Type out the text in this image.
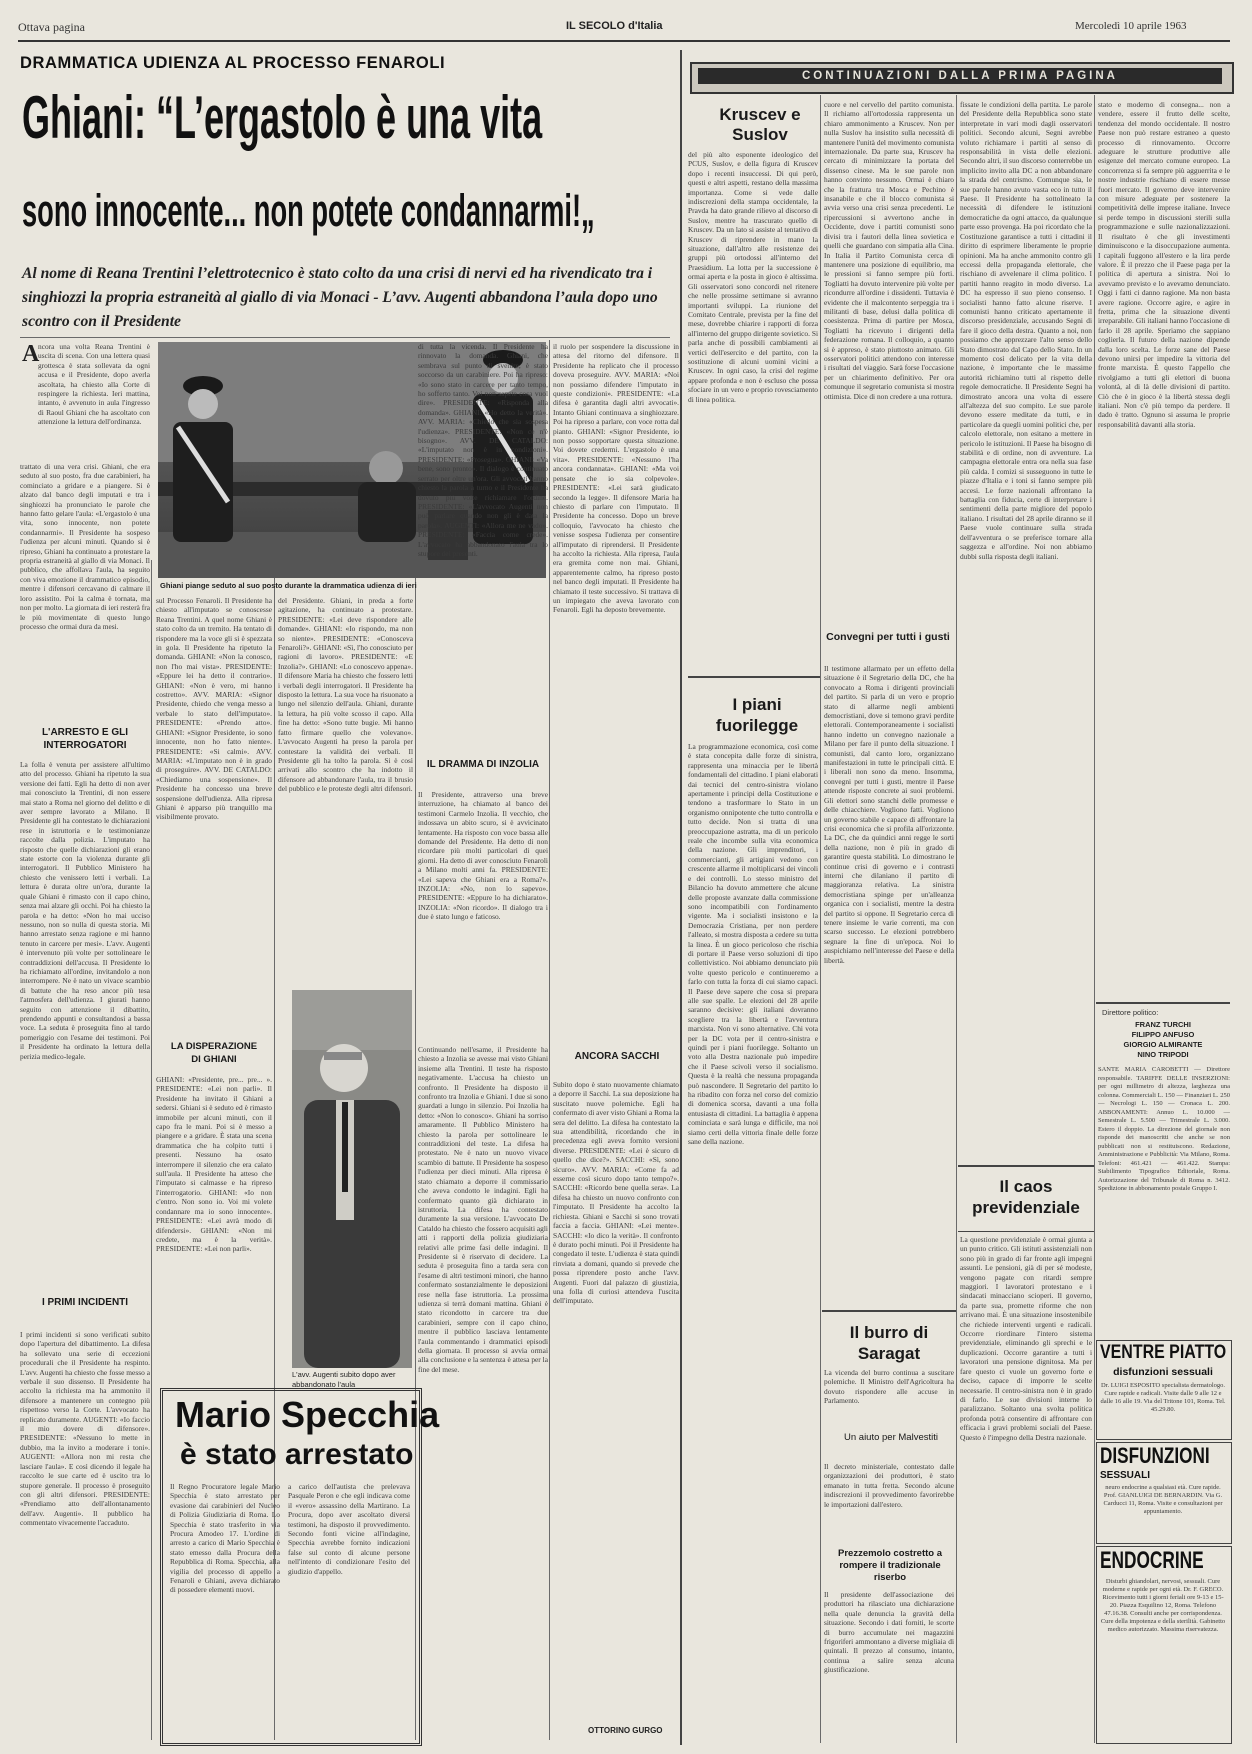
Ottava pagina	IL SECOLO d'Italia	Mercoledì 10 aprile 1963
DRAMMATICA UDIENZA AL PROCESSO FENAROLI
Ghiani: “L’ergastolo è una vita
sono innocente... non potete condannarmi!„
Al nome di Reana Trentini l’elettrotecnico è stato colto da una crisi di nervi ed ha rivendicato tra i singhiozzi la propria estraneità al giallo di via Monaci - L’avv. Augenti abbandona l’aula dopo uno scontro con il Presidente
A
Ghiani piange seduto al suo posto durante la drammatica udienza di ieri
ncora una volta Reana Trentini è uscita di scena. Con una lettera quasi grottesca è stata sollevata da ogni accusa e il Presidente, dopo averla ascoltata, ha chiesto alla Corte di respingere la richiesta. Ieri mattina, intanto, è avvenuto in aula l'ingresso di Raoul Ghiani che ha ascoltato con attenzione la lettura dell'ordinanza.
trattato di una vera crisi. Ghiani, che era seduto al suo posto, fra due carabinieri, ha cominciato a gridare e a piangere. Si è alzato dal banco degli imputati e tra i singhiozzi ha pronunciato le parole che hanno fatto gelare l'aula: «L'ergastolo è una vita, sono innocente, non potete condannarmi». Il Presidente ha sospeso l'udienza per alcuni minuti. Quando si è ripreso, Ghiani ha continuato a protestare la propria estraneità al giallo di via Monaci. Il pubblico, che affollava l'aula, ha seguito con viva emozione il drammatico episodio, mentre i difensori cercavano di calmare il loro assistito. Poi la calma è tornata, ma non per molto. La giornata di ieri resterà fra le più movimentate di questo lungo processo che ormai dura da mesi.
L'ARRESTO E GLI INTERROGATORI
La folla è venuta per assistere all'ultimo atto del processo. Ghiani ha ripetuto la sua versione dei fatti. Egli ha detto di non aver mai conosciuto la Trentini, di non essere mai stato a Roma nel giorno del delitto e di aver sempre lavorato a Milano. Il Presidente gli ha contestato le dichiarazioni rese in istruttoria e le testimonianze raccolte dalla polizia. L'imputato ha risposto che quelle dichiarazioni gli erano state estorte con la violenza durante gli interrogatori. Il Pubblico Ministero ha chiesto che venissero letti i verbali. La lettura è durata oltre un'ora, durante la quale Ghiani è rimasto con il capo chino, senza mai alzare gli occhi. Poi ha chiesto la parola e ha detto: «Non ho mai ucciso nessuno, non so nulla di questa storia. Mi hanno arrestato senza ragione e mi hanno tenuto in carcere per mesi». L'avv. Augenti è intervenuto più volte per sottolineare le contraddizioni dell'accusa. Il Presidente lo ha richiamato all'ordine, invitandolo a non interrompere. Ne è nato un vivace scambio di battute che ha reso ancor più tesa l'atmosfera dell'udienza. I giurati hanno seguito con attenzione il dibattito, prendendo appunti e consultandosi a bassa voce. La seduta è proseguita fino al tardo pomeriggio con l'esame dei testimoni. Poi il Presidente ha ordinato la lettura della perizia medico-legale.
I PRIMI INCIDENTI
I primi incidenti si sono verificati subito dopo l'apertura del dibattimento. La difesa ha sollevato una serie di eccezioni procedurali che il Presidente ha respinto. L'avv. Augenti ha chiesto che fosse messo a verbale il suo dissenso. Il Presidente ha accolto la richiesta ma ha ammonito il difensore a mantenere un contegno più rispettoso verso la Corte. L'avvocato ha replicato duramente. AUGENTI: «Io faccio il mio dovere di difensore». PRESIDENTE: «Nessuno lo mette in dubbio, ma la invito a moderare i toni». AUGENTI: «Allora non mi resta che lasciare l'aula». E così dicendo il legale ha raccolto le sue carte ed è uscito tra lo stupore generale. Il processo è proseguito con gli altri difensori. PRESIDENTE: «Prendiamo atto dell'allontanamento dell'avv. Augenti». Il pubblico ha commentato vivacemente l'accaduto.
sul Processo Fenaroli. Il Presidente ha chiesto all'imputato se conoscesse Reana Trentini. A quel nome Ghiani è stato colto da un tremito. Ha tentato di rispondere ma la voce gli si è spezzata in gola. Il Presidente ha ripetuto la domanda. GHIANI: «Non la conosco, non l'ho mai vista». PRESIDENTE: «Eppure lei ha detto il contrario». GHIANI: «Non è vero, mi hanno costretto». AVV. MARIA: «Signor Presidente, chiedo che venga messo a verbale lo stato dell'imputato». PRESIDENTE: «Prendo atto». GHIANI: «Signor Presidente, io sono innocente, non ho fatto niente». PRESIDENTE: «Si calmi». AVV. MARIA: «L'imputato non è in grado di proseguire». AVV. DE CATALDO: «Chiediamo una sospensione». Il Presidente ha concesso una breve sospensione dell'udienza. Alla ripresa Ghiani è apparso più tranquillo ma visibilmente provato.
LA DISPERAZIONE DI GHIANI
GHIANI: «Presidente, pre... pre... ». PRESIDENTE: «Lei non parli». Il Presidente ha invitato il Ghiani a sedersi. Ghiani si è seduto ed è rimasto immobile per alcuni minuti, con il capo fra le mani. Poi si è messo a piangere e a gridare. È stata una scena drammatica che ha colpito tutti i presenti. Nessuno ha osato interrompere il silenzio che era calato sull'aula. Il Presidente ha atteso che l'imputato si calmasse e ha ripreso l'interrogatorio. GHIANI: «Io non c'entro. Non sono io. Voi mi volete condannare ma io sono innocente». PRESIDENTE: «Lei avrà modo di difendersi». GHIANI: «Non mi credete, ma è la verità». PRESIDENTE: «Lei non parli».
del Presidente. Ghiani, in preda a forte agitazione, ha continuato a protestare. PRESIDENTE: «Lei deve rispondere alle domande». GHIANI: «Io rispondo, ma non so niente». PRESIDENTE: «Conosceva Fenaroli?». GHIANI: «Sì, l'ho conosciuto per ragioni di lavoro». PRESIDENTE: «E Inzolia?». GHIANI: «Lo conoscevo appena». Il difensore Maria ha chiesto che fossero letti i verbali degli interrogatori. Il Presidente ha disposto la lettura. La sua voce ha risuonato a lungo nel silenzio dell'aula. Ghiani, durante la lettura, ha più volte scosso il capo. Alla fine ha detto: «Sono tutte bugie. Mi hanno fatto firmare quello che volevano». L'avvocato Augenti ha preso la parola per contestare la validità dei verbali. Il Presidente gli ha tolto la parola. Si è così arrivati allo scontro che ha indotto il difensore ad abbandonare l'aula, tra il brusio del pubblico e le proteste degli altri difensori.
L'avv. Augenti subito dopo aver abbandonato l'aula
Mario Specchia
è stato arrestato
Il Regno Procuratore legale Mario Specchia è stato arrestato per evasione dai carabinieri del Nucleo di Polizia Giudiziaria di Roma. Lo Specchia è stato trasferito in via Procura Amodeo 17. L'ordine di arresto a carico di Mario Specchia è stato emesso dalla Procura della Repubblica di Roma. Specchia, alla vigilia del processo di appello a Fenaroli e Ghiani, aveva dichiarato di possedere elementi nuovi.
a carico dell'autista che prelevava Pasquale Peron e che egli indicava come il «vero» assassino della Martirano. La Procura, dopo aver ascoltato diversi testimoni, ha disposto il provvedimento. Secondo fonti vicine all'indagine, Specchia avrebbe fornito indicazioni false sul conto di alcune persone nell'intento di condizionare l'esito del giudizio d'appello.
di tutta la vicenda. Il Presidente ha rinnovato la domanda. Ghiani, che sembrava sul punto di svenire, è stato soccorso da un carabiniere. Poi ha ripreso: «Io sono stato in carcere per tanto tempo, ho sofferto tanto. Voi non sapete cosa vuol dire». PRESIDENTE: «Risponda alla domanda». GHIANI: «Ho detto la verità». AVV. MARIA: «Chiedo che sia sospesa l'udienza». PRESIDENTE: «Non ce n'è bisogno». AVV. DE CATALDO: «L'imputato non è in condizioni». PRESIDENTE: «Prosegua». GHIANI: «Va bene, sono pronto». Il dialogo è continuato serrato per oltre un'ora. Gli avvocati hanno chiesto la parola a turno e il Presidente ha dovuto più volte richiamare l'ordine. PRESIDENTE: «L'avvocato Augenti non può parlare quando non gli è data la parola». AUGENTI: «Allora me ne vado». PRESIDENTE: «Faccia come crede». L'avvocato ha abbandonato l'aula tra lo stupore dei presenti.
IL DRAMMA DI INZOLIA
Il Presidente, attraverso una breve interruzione, ha chiamato al banco dei testimoni Carmelo Inzolia. Il vecchio, che indossava un abito scuro, si è avvicinato lentamente. Ha risposto con voce bassa alle domande del Presidente. Ha detto di non ricordare più molti particolari di quei giorni. Ha detto di aver conosciuto Fenaroli a Milano molti anni fa. PRESIDENTE: «Lei sapeva che Ghiani era a Roma?». INZOLIA: «No, non lo sapevo». PRESIDENTE: «Eppure lo ha dichiarato». INZOLIA: «Non ricordo». Il dialogo tra i due è stato lungo e faticoso.
Continuando nell'esame, il Presidente ha chiesto a Inzolia se avesse mai visto Ghiani insieme alla Trentini. Il teste ha risposto negativamente. L'accusa ha chiesto un confronto. Il Presidente ha disposto il confronto tra Inzolia e Ghiani. I due si sono guardati a lungo in silenzio. Poi Inzolia ha detto: «Non lo conosco». Ghiani ha sorriso amaramente. Il Pubblico Ministero ha chiesto la parola per sottolineare le contraddizioni del teste. La difesa ha protestato. Ne è nato un nuovo vivace scambio di battute. Il Presidente ha sospeso l'udienza per dieci minuti. Alla ripresa è stato chiamato a deporre il commissario che aveva condotto le indagini. Egli ha confermato quanto già dichiarato in istruttoria. La difesa ha contestato duramente la sua versione. L'avvocato De Cataldo ha chiesto che fossero acquisiti agli atti i rapporti della polizia giudiziaria relativi alle prime fasi delle indagini. Il Presidente si è riservato di decidere. La seduta è proseguita fino a tarda sera con l'esame di altri testimoni minori, che hanno confermato sostanzialmente le deposizioni rese nella fase istruttoria. La prossima udienza si terrà domani mattina. Ghiani è stato ricondotto in carcere tra due carabinieri, sempre con il capo chino, mentre il pubblico lasciava lentamente l'aula commentando i drammatici episodi della giornata. Il processo si avvia ormai alla conclusione e la sentenza è attesa per la fine del mese.
il ruolo per sospendere la discussione in attesa del ritorno del difensore. Il Presidente ha replicato che il processo doveva proseguire. AVV. MARIA: «Noi non possiamo difendere l'imputato in queste condizioni». PRESIDENTE: «La difesa è garantita dagli altri avvocati». Intanto Ghiani continuava a singhiozzare. Poi ha ripreso a parlare, con voce rotta dal pianto. GHIANI: «Signor Presidente, io non posso sopportare questa situazione. Voi dovete credermi. L'ergastolo è una vita». PRESIDENTE: «Nessuno l'ha ancora condannata». GHIANI: «Ma voi pensate che io sia colpevole». PRESIDENTE: «Lei sarà giudicato secondo la legge». Il difensore Maria ha chiesto di parlare con l'imputato. Il Presidente ha concesso. Dopo un breve colloquio, l'avvocato ha chiesto che venisse sospesa l'udienza per consentire all'imputato di riprendersi. Il Presidente ha accolto la richiesta. Alla ripresa, l'aula era gremita come non mai. Ghiani, apparentemente calmo, ha ripreso posto nel banco degli imputati. Il Presidente ha chiamato il teste successivo. Si trattava di un impiegato che aveva lavorato con Fenaroli. Egli ha deposto brevemente.
ANCORA SACCHI
Subito dopo è stato nuovamente chiamato a deporre il Sacchi. La sua deposizione ha suscitato nuove polemiche. Egli ha confermato di aver visto Ghiani a Roma la sera del delitto. La difesa ha contestato la sua attendibilità, ricordando che in precedenza egli aveva fornito versioni diverse. PRESIDENTE: «Lei è sicuro di quello che dice?». SACCHI: «Sì, sono sicuro». AVV. MARIA: «Come fa ad esserne così sicuro dopo tanto tempo?». SACCHI: «Ricordo bene quella sera». La difesa ha chiesto un nuovo confronto con l'imputato. Il Presidente ha accolto la richiesta. Ghiani e Sacchi si sono trovati faccia a faccia. GHIANI: «Lei mente». SACCHI: «Io dico la verità». Il confronto è durato pochi minuti. Poi il Presidente ha congedato il teste. L'udienza è stata quindi rinviata a domani, quando si prevede che possa riprendere posto anche l'avv. Augenti. Fuori dal palazzo di giustizia, una folla di curiosi attendeva l'uscita dell'imputato.
OTTORINO GURGO
CONTINUAZIONI DALLA PRIMA PAGINA
Kruscev e Suslov
del più alto esponente ideologico del PCUS, Suslov, e della figura di Kruscev dopo i recenti insuccessi. Di qui però, questi e altri aspetti, restano della massima importanza. Come si vede dalle indiscrezioni della stampa occidentale, la Pravda ha dato grande rilievo al discorso di Suslov, mentre ha trascurato quello di Kruscev. Da un lato si assiste al tentativo di Kruscev di riprendere in mano la situazione, dall'altro alle resistenze dei gruppi più ortodossi all'interno del Praesidium. La lotta per la successione è ormai aperta e la posta in gioco è altissima. Gli osservatori sono concordi nel ritenere che nelle prossime settimane si avranno importanti sviluppi. La riunione del Comitato Centrale, prevista per la fine del mese, dovrebbe chiarire i rapporti di forza all'interno del gruppo dirigente sovietico. Si parla anche di possibili cambiamenti ai vertici dell'esercito e del partito, con la sostituzione di alcuni uomini vicini a Kruscev. In ogni caso, la crisi del regime appare profonda e non è escluso che possa sfociare in un vero e proprio rovesciamento di linea politica.
I piani fuorilegge
La programmazione economica, così come è stata concepita dalle forze di sinistra, rappresenta una minaccia per le libertà fondamentali del cittadino. I piani elaborati dai tecnici del centro-sinistra violano apertamente i principi della Costituzione e tendono a trasformare lo Stato in un organismo onnipotente che tutto controlla e tutto decide. Non si tratta di una preoccupazione astratta, ma di un pericolo reale che incombe sulla vita economica della nazione. Gli imprenditori, i commercianti, gli artigiani vedono con crescente allarme il moltiplicarsi dei vincoli e dei controlli. Lo stesso ministro del Bilancio ha dovuto ammettere che alcune delle proposte avanzate dalla commissione sono incompatibili con l'ordinamento vigente. Ma i socialisti insistono e la Democrazia Cristiana, per non perdere l'alleato, si mostra disposta a cedere su tutta la linea. È un gioco pericoloso che rischia di portare il Paese verso soluzioni di tipo collettivistico. Noi abbiamo denunciato più volte questo pericolo e continueremo a farlo con tutta la forza di cui siamo capaci. Il Paese deve sapere che cosa si prepara alle sue spalle. Le elezioni del 28 aprile saranno decisive: gli italiani dovranno scegliere tra la libertà e l'avventura marxista. Non vi sono alternative. Chi vota per la DC vota per il centro-sinistra e quindi per i piani fuorilegge. Soltanto un voto alla Destra nazionale può impedire che il Paese scivoli verso il socialismo. Questa è la realtà che nessuna propaganda può nascondere. Il Segretario del partito lo ha ribadito con forza nel corso del comizio di domenica scorsa, davanti a una folla entusiasta di cittadini. La battaglia è appena cominciata e sarà lunga e difficile, ma noi siamo certi della vittoria finale delle forze sane della nazione.
cuore e nel cervello del partito comunista. Il richiamo all'ortodossia rappresenta un chiaro ammonimento a Kruscev. Non per nulla Suslov ha insistito sulla necessità di mantenere l'unità del movimento comunista internazionale. Da parte sua, Kruscev ha cercato di minimizzare la portata del dissenso cinese. Ma le sue parole non hanno convinto nessuno. Ormai è chiaro che la frattura tra Mosca e Pechino è insanabile e che il blocco comunista si avvia verso una crisi senza precedenti. Le ripercussioni si avvertono anche in Occidente, dove i partiti comunisti sono divisi tra i fautori della linea sovietica e quelli che guardano con simpatia alla Cina. In Italia il Partito Comunista cerca di mantenere una posizione di equilibrio, ma le pressioni si fanno sempre più forti. Togliatti ha dovuto intervenire più volte per ricondurre all'ordine i dissidenti. Tuttavia è evidente che il malcontento serpeggia tra i militanti di base, delusi dalla politica di coesistenza. Prima di partire per Mosca, Togliatti ha ricevuto i dirigenti della federazione romana. Il colloquio, a quanto si è appreso, è stato piuttosto animato. Gli osservatori politici attendono con interesse i risultati del viaggio. Sarà forse l'occasione per un chiarimento definitivo. Per ora comunque il segretario comunista si mostra ottimista. Dice di non credere a una rottura.
Convegni per tutti i gusti
Il testimone allarmato per un effetto della situazione è il Segretario della DC, che ha convocato a Roma i dirigenti provinciali del partito. Si parla di un vero e proprio stato di allarme negli ambienti democristiani, dove si temono gravi perdite elettorali. Contemporaneamente i socialisti hanno indetto un convegno nazionale a Milano per fare il punto della situazione. I comunisti, dal canto loro, organizzano manifestazioni in tutte le principali città. E i liberali non sono da meno. Insomma, convegni per tutti i gusti, mentre il Paese attende risposte concrete ai suoi problemi. Gli elettori sono stanchi delle promesse e delle chiacchiere. Vogliono fatti. Vogliono un governo stabile e capace di affrontare la crisi economica che si profila all'orizzonte. La DC, che da quindici anni regge le sorti della nazione, non è più in grado di garantire questa stabilità. Lo dimostrano le continue crisi di governo e i contrasti interni che dilaniano il partito di maggioranza relativa. La sinistra democristiana spinge per un'alleanza organica con i socialisti, mentre la destra del partito si oppone. Il Segretario cerca di tenere insieme le varie correnti, ma con scarso successo. Le elezioni potrebbero segnare la fine di un'epoca. Noi lo auspichiamo nell'interesse del Paese e della libertà.
Il burro di Saragat
La vicenda del burro continua a suscitare polemiche. Il Ministro dell'Agricoltura ha dovuto rispondere alle accuse in Parlamento.
Un aiuto per Malvestiti
Il decreto ministeriale, contestato dalle organizzazioni dei produttori, è stato emanato in tutta fretta. Secondo alcune indiscrezioni il provvedimento favorirebbe le importazioni dall'estero.
Prezzemolo costretto a rompere il tradizionale riserbo
Il presidente dell'associazione dei produttori ha rilasciato una dichiarazione nella quale denuncia la gravità della situazione. Secondo i dati forniti, le scorte di burro accumulate nei magazzini frigoriferi ammontano a diverse migliaia di quintali. Il prezzo al consumo, intanto, continua a salire senza alcuna giustificazione.
fissate le condizioni della partita. Le parole del Presidente della Repubblica sono state interpretate in vari modi dagli osservatori politici. Secondo alcuni, Segni avrebbe voluto richiamare i partiti al senso di responsabilità in vista delle elezioni. Secondo altri, il suo discorso conterrebbe un implicito invito alla DC a non abbandonare la strada del centrismo. Comunque sia, le sue parole hanno avuto vasta eco in tutto il Paese. Il Presidente ha sottolineato la necessità di difendere le istituzioni democratiche da ogni attacco, da qualunque parte esso provenga. Ha poi ricordato che la Costituzione garantisce a tutti i cittadini il diritto di esprimere liberamente le proprie opinioni. Ma ha anche ammonito contro gli eccessi della propaganda elettorale, che rischiano di avvelenare il clima politico. I partiti hanno reagito in modo diverso. La DC ha espresso il suo pieno consenso. I socialisti hanno fatto alcune riserve. I comunisti hanno criticato apertamente il discorso presidenziale, accusando Segni di fare il gioco della destra. Quanto a noi, non possiamo che apprezzare l'alto senso dello Stato dimostrato dal Capo dello Stato. In un momento così delicato per la vita della nazione, è importante che le massime autorità richiamino tutti al rispetto delle regole democratiche. Il Presidente Segni ha dimostrato ancora una volta di essere all'altezza del suo compito. Le sue parole devono essere meditate da tutti, e in particolare da quegli uomini politici che, per calcolo elettorale, non esitano a mettere in pericolo le istituzioni. Il Paese ha bisogno di stabilità e di ordine, non di avventure. La campagna elettorale entra ora nella sua fase più calda. I comizi si susseguono in tutte le piazze d'Italia e i toni si fanno sempre più accesi. Le forze nazionali affrontano la battaglia con fiducia, certe di interpretare i sentimenti della parte migliore del popolo italiano. I risultati del 28 aprile diranno se il Paese vuole continuare sulla strada dell'avventura o se preferisce tornare alla saggezza e all'ordine. Noi non abbiamo dubbi sulla risposta degli italiani.
Il caos previdenziale
La questione previdenziale è ormai giunta a un punto critico. Gli istituti assistenziali non sono più in grado di far fronte agli impegni assunti. Le pensioni, già di per sé modeste, vengono pagate con ritardi sempre maggiori. I lavoratori protestano e i sindacati minacciano scioperi. Il governo, da parte sua, promette riforme che non arrivano mai. È una situazione insostenibile che richiede interventi urgenti e radicali. Occorre riordinare l'intero sistema previdenziale, eliminando gli sprechi e le duplicazioni. Occorre garantire a tutti i lavoratori una pensione dignitosa. Ma per fare questo ci vuole un governo forte e deciso, capace di imporre le scelte necessarie. Il centro-sinistra non è in grado di farlo. Le sue divisioni interne lo paralizzano. Soltanto una svolta politica profonda potrà consentire di affrontare con efficacia i gravi problemi sociali del Paese. Questo è l'impegno della Destra nazionale.
stato e moderno di consegna... non a vendere, essere il frutto delle scelte, tendenza del mondo occidentale. Il nostro Paese non può restare estraneo a questo processo di rinnovamento. Occorre adeguare le strutture produttive alle esigenze del mercato comune europeo. La concorrenza si fa sempre più agguerrita e le nostre industrie rischiano di essere messe fuori mercato. Il governo deve intervenire con misure adeguate per sostenere la competitività delle imprese italiane. Invece si perde tempo in discussioni sterili sulla programmazione e sulle nazionalizzazioni. Il risultato è che gli investimenti diminuiscono e la disoccupazione aumenta. I capitali fuggono all'estero e la lira perde valore. È il prezzo che il Paese paga per la politica di apertura a sinistra. Noi lo avevamo previsto e lo avevamo denunciato. Oggi i fatti ci danno ragione. Ma non basta avere ragione. Occorre agire, e agire in fretta, prima che la situazione diventi irreparabile. Gli italiani hanno l'occasione di farlo il 28 aprile. Speriamo che sappiano coglierla. Il futuro della nazione dipende dalla loro scelta. Le forze sane del Paese devono unirsi per impedire la vittoria del fronte marxista. È questo l'appello che rivolgiamo a tutti gli elettori di buona volontà, al di là delle divisioni di partito. Ciò che è in gioco è la libertà stessa degli italiani. Non c'è più tempo da perdere. Il dado è tratto. Ognuno si assuma le proprie responsabilità davanti alla storia.
Direttore politico:
FRANZ TURCHI
FILIPPO ANFUSO
GIORGIO ALMIRANTE
NINO TRIPODI
SANTE MARIA CAROBETTI — Direttore responsabile. TARIFFE DELLE INSERZIONI: per ogni millimetro di altezza, larghezza una colonna. Commerciali L. 150 — Finanziari L. 250 — Necrologi L. 150 — Cronaca L. 200. ABBONAMENTI: Annuo L. 10.000 — Semestrale L. 5.500 — Trimestrale L. 3.000. Estero il doppio. La direzione del giornale non risponde dei manoscritti che anche se non pubblicati non si restituiscono. Redazione, Amministrazione e Pubblicità: Via Milano, Roma. Telefoni: 461.421 — 461.422. Stampa: Stabilimento Tipografico Editoriale, Roma. Autorizzazione del Tribunale di Roma n. 3412. Spedizione in abbonamento postale Gruppo I.
VENTRE PIATTO
disfunzioni sessuali
Dr. LUIGI ESPOSITO specialista dermatologo. Cure rapide e radicali. Visite dalle 9 alle 12 e dalle 16 alle 19. Via del Tritone 101, Roma. Tel. 45.29.80.
DISFUNZIONI
SESSUALI
neuro endocrine a qualsiasi età. Cure rapide. Prof. GIANLUIGI DE BERNARDIN. Via G. Carducci 11, Roma. Visite e consultazioni per appuntamento.
ENDOCRINE
Disturbi ghiandolari, nervosi, sessuali. Cure moderne e rapide per ogni età. Dr. F. GRECO. Ricevimento tutti i giorni feriali ore 9-13 e 15-20. Piazza Esquilino 12, Roma. Telefono 47.16.38. Consulti anche per corrispondenza. Cure della impotenza e della sterilità. Gabinetto medico autorizzato. Massima riservatezza.
